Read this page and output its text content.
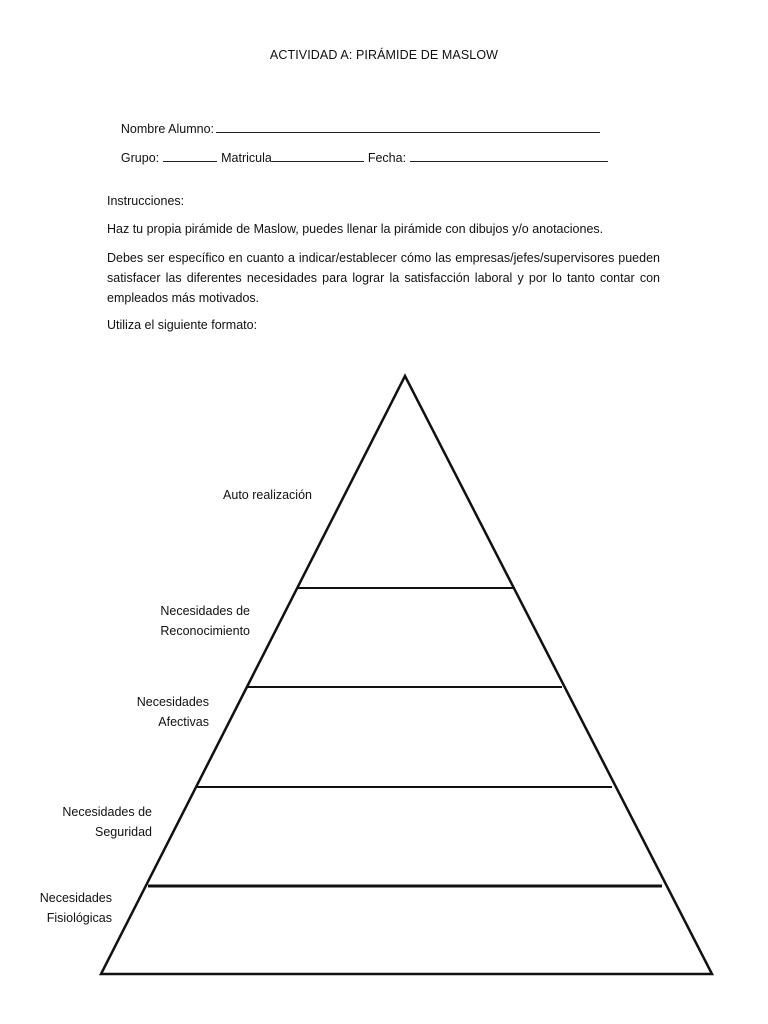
ACTIVIDAD A: PIRÁMIDE DE MASLOW

Nombre Alumno:

Grupo:	Matricula	Fecha:

Instrucciones:
Haz tu propia pirámide de Maslow, puedes llenar la pirámide con dibujos y/o anotaciones.
Debes ser específico en cuanto a indicar/establecer cómo las empresas/jefes/supervisores pueden satisfacer las diferentes necesidades para lograr la satisfacción laboral y por lo tanto contar con empleados más motivados.
Utiliza el siguiente formato:
Auto realización
Necesidades de
Reconocimiento
Necesidades
Afectivas
Necesidades de
Seguridad
Necesidades
Fisiológicas
